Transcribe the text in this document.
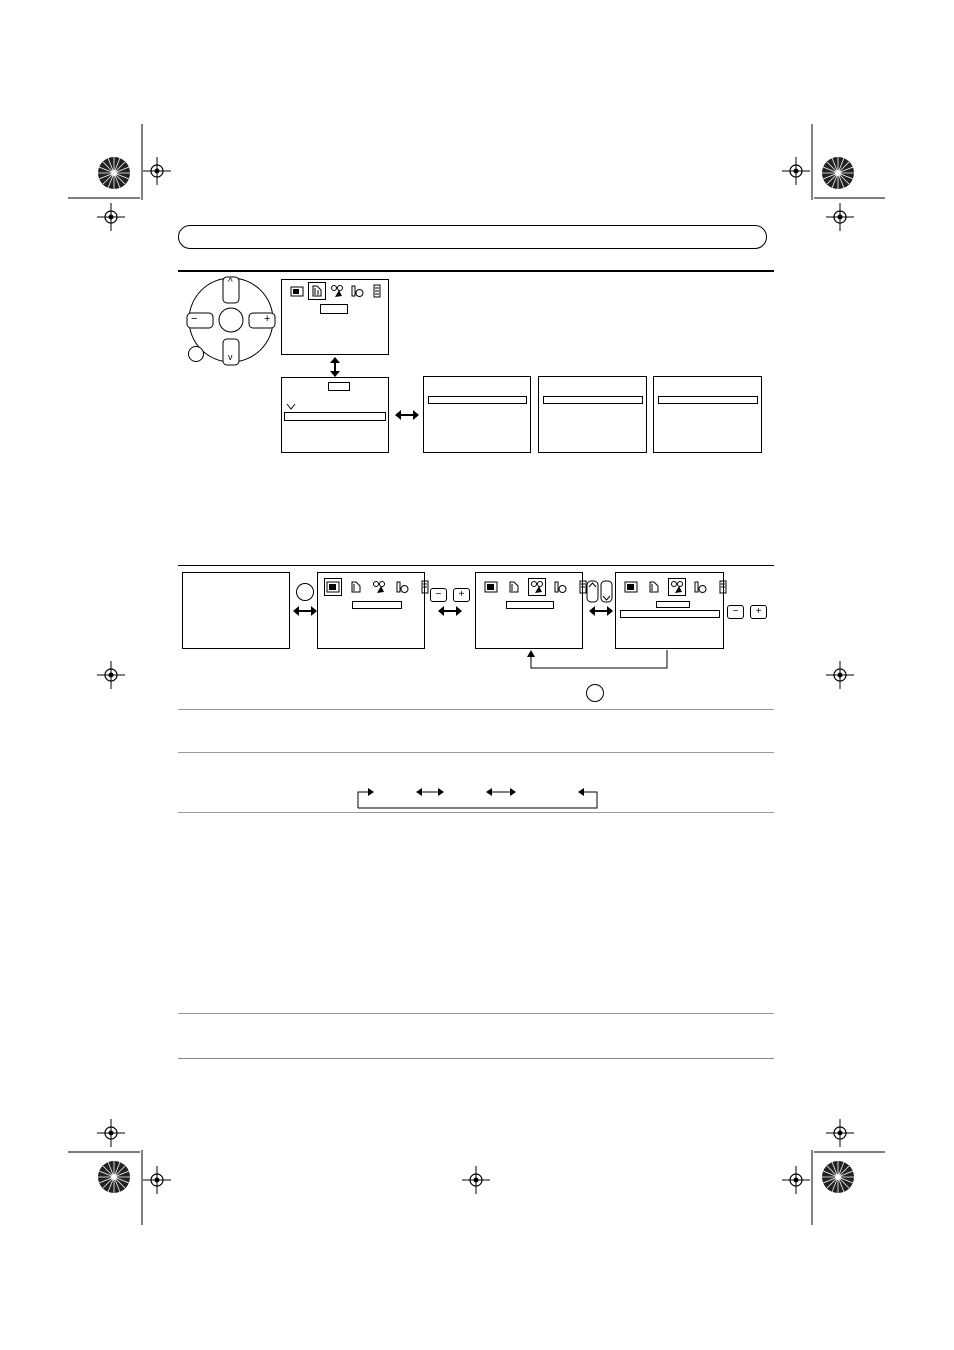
^
v
−	+
−	+
−	+
